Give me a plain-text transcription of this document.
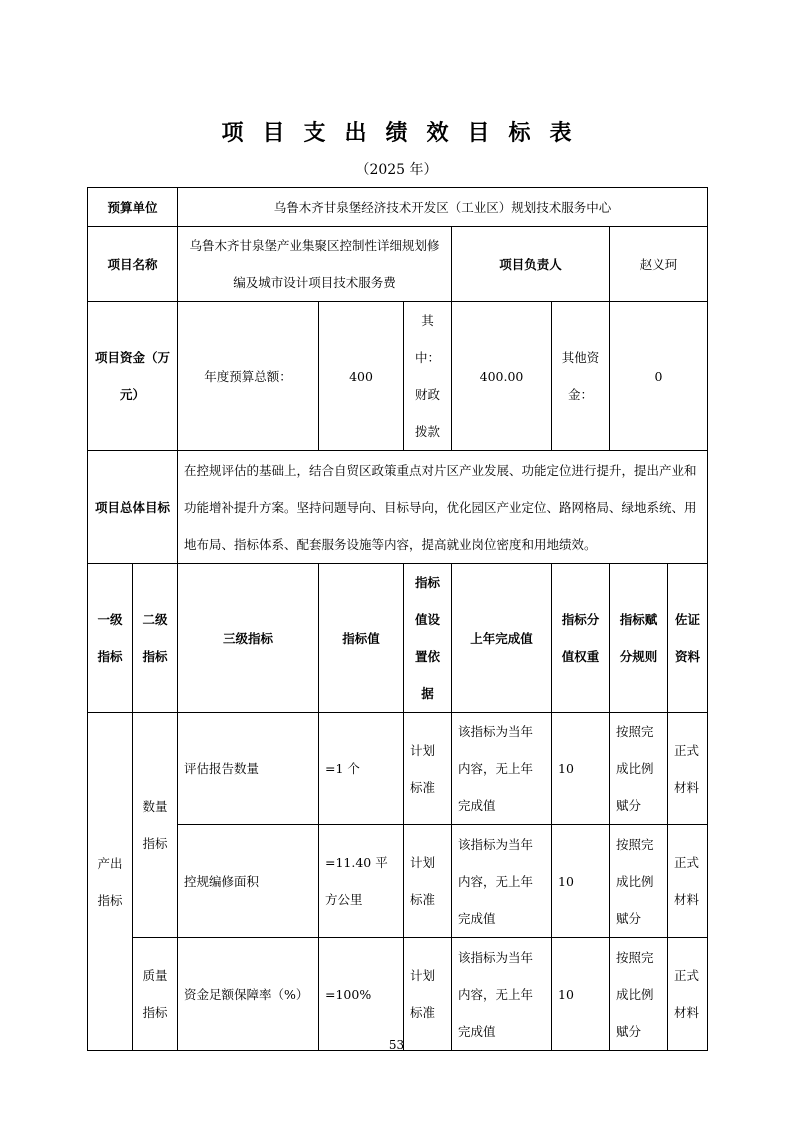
项目支出绩效目标表
（2025 年）
预算单位		乌鲁木齐甘泉堡经济技术开发区（工业区）规划技术服务中心						
项目名称		乌鲁木齐甘泉堡产业集聚区控制性详细规划修编及城市设计项目技术服务费			项目负责人		赵义珂	
项目资金（万元）		年度预算总额：	400	其中：财政拨款	400.00	其他资金：	0	
项目总体目标		在控规评估的基础上，结合自贸区政策重点对片区产业发展、功能定位进行提升，提出产业和功能增补提升方案。坚持问题导向、目标导向，优化园区产业定位、路网格局、绿地系统、用地布局、指标体系、配套服务设施等内容，提高就业岗位密度和用地绩效。						
一级指标	二级指标	三级指标	指标值	指标值设置依据	上年完成值	指标分值权重	指标赋分规则	佐证资料
产出指标	数量指标	评估报告数量	=1 个	计划标准	该指标为当年内容，无上年完成值	10	按照完成比例赋分	正式材料
		控规编修面积	=11.40 平方公里	计划标准	该指标为当年内容，无上年完成值	10	按照完成比例赋分	正式材料
	质量指标	资金足额保障率（%）	=100%	计划标准	该指标为当年内容，无上年完成值	10	按照完成比例赋分	正式材料
53
